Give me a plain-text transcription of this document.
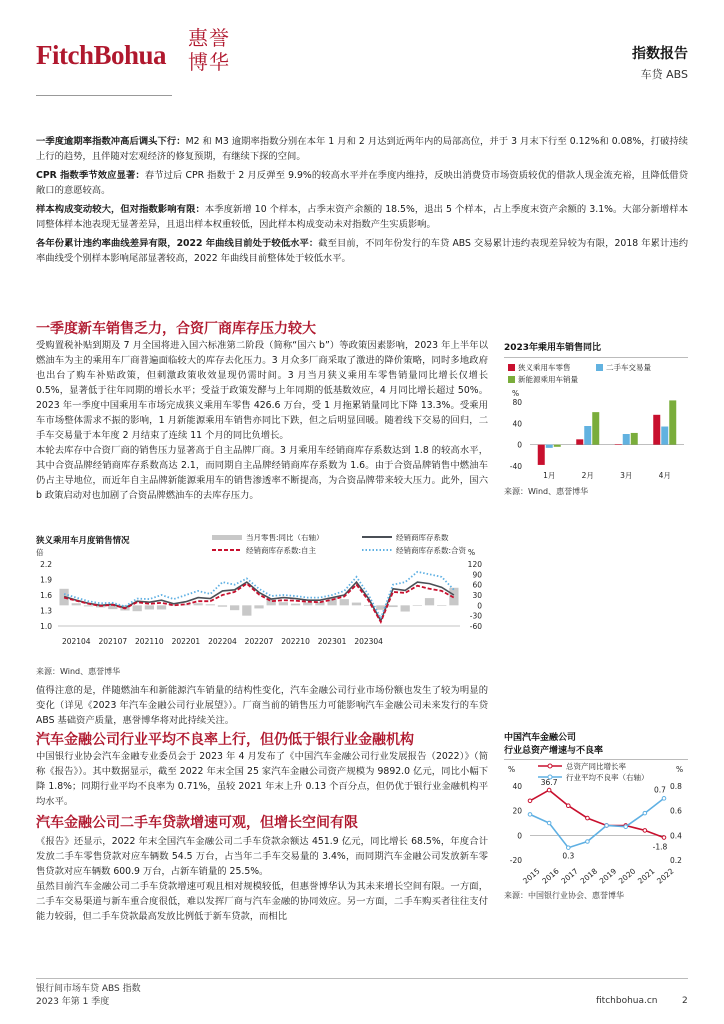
FitchBohua
惠誉博华	指数报告
车贷 ABS

一季度逾期率指数冲高后调头下行：M2 和 M3 逾期率指数分别在本年 1 月和 2 月达到近两年内的局部高位，并于 3 月末下行至 0.12%和 0.08%，打破持续上行的趋势，且伴随对宏观经济的修复预期，有继续下探的空间。

CPR 指数季节效应显著：春节过后 CPR 指数于 2 月反弹至 9.9%的较高水平并在季度内维持，反映出消费贷市场资质较优的借款人现金流充裕，且降低借贷敞口的意愿较高。

样本构成变动较大，但对指数影响有限：本季度新增 10 个样本，占季末资产余额的 18.5%，退出 5 个样本，占上季度末资产余额的 3.1%。大部分新增样本同整体样本池表现无显著差异，且退出样本权重较低，因此样本构成变动未对指数产生实质影响。

各年份累计违约率曲线差异有限，2022 年曲线目前处于较低水平：截至目前，不同年份发行的车贷 ABS 交易累计违约表现差异较为有限，2018 年累计违约率曲线受个别样本影响尾部显著较高，2022 年曲线目前整体处于较低水平。

一季度新车销售乏力，合资厂商库存压力较大

受购置税补贴到期及 7 月全国将进入国六标准第二阶段（简称“国六 b”）等政策因素影响，2023 年上半年以燃油车为主的乘用车厂商普遍面临较大的库存去化压力。3 月众多厂商采取了激进的降价策略，同时多地政府也出台了购车补贴政策，但刺激政策收效显现仍需时间。3 月当月狭义乘用车零售销量同比增长仅增长 0.5%，显著低于往年同期的增长水平；受益于政策发酵与上年同期的低基数效应，4 月同比增长超过 50%。2023 年一季度中国乘用车市场完成狭义乘用车零售 426.6 万台，受 1 月拖累销量同比下降 13.3%。受乘用车市场整体需求不振的影响，1 月新能源乘用车销售亦同比下跌，但之后明显回暖。随着线下交易的回归，二手车交易量于本年度 2 月结束了连续 11 个月的同比负增长。

本轮去库存中合资厂商的销售压力显著高于自主品牌厂商。3 月乘用车经销商库存系数达到 1.8 的较高水平，其中合资品牌经销商库存系数高达 2.1，而同期自主品牌经销商库存系数为 1.6。由于合资品牌销售中燃油车仍占主导地位，而近年自主品牌新能源乘用车的销售渗透率不断提高，为合资品牌带来较大压力。此外，国六 b 政策启动对也加剧了合资品牌燃油车的去库存压力。

2023年乘用车销售同比
狭义乘用车零售	二手车交易量
新能源乘用车销量
%
80
40
0
-40
1月	2月	3月	4月
来源：Wind、惠誉博华
狭义乘用车月度销售情况
倍	%
当月零售:同比（右轴）
经销商库存系数:自主
经销商库存系数
经销商库存系数:合资
2.2
1.9
1.6
1.3
1.0
120
90
60
30
0
-30
-60
202104 202107 202110 202201 202204 202207 202210 202301 202304
来源：Wind、惠誉博华

值得注意的是，伴随燃油车和新能源汽车销量的结构性变化，汽车金融公司行业市场份额也发生了较为明显的变化（详见《2023 年汽车金融公司行业展望》）。厂商当前的销售压力可能影响汽车金融公司未来发行的车贷 ABS 基础资产质量，惠誉博华将对此持续关注。

汽车金融公司行业平均不良率上行，但仍低于银行业金融机构

中国银行业协会汽车金融专业委员会于 2023 年 4 月发布了《中国汽车金融公司行业发展报告（2022）》（简称《报告》）。其中数据显示，截至 2022 年末全国 25 家汽车金融公司资产规模为 9892.0 亿元，同比小幅下降 1.8%；同期行业平均不良率为 0.71%，虽较 2021 年末上升 0.13 个百分点，但仍优于银行业金融机构平均水平。

汽车金融公司二手车贷款增速可观，但增长空间有限

《报告》还显示，2022 年末全国汽车金融公司二手车贷款余额达 451.9 亿元，同比增长 68.5%，年度合计发放二手车零售贷款对应车辆数 54.5 万台，占当年二手车交易量的 3.4%，而同期汽车金融公司发放新车零售贷款对应车辆数 600.9 万台，占新车销量的 25.5%。

虽然目前汽车金融公司二手车贷款增速可观且相对规模较低，但惠誉博华认为其未来增长空间有限。一方面，二手车交易渠道与新车重合度很低，难以发挥厂商与汽车金融的协同效应。另一方面，二手车购买者往往支付能力较弱，但二手车贷款最高发放比例低于新车贷款，而相比

中国汽车金融公司
行业总资产增速与不良率
%	%
总资产同比增长率
行业平均不良率（右轴）
40
20
0
-20
0.8
0.6
0.4
0.2
36.7
0.3
0.7
-1.8
2015
2016
2017
2018
2019
2020
2021
2022
来源：中国银行业协会、惠誉博华
银行间市场车贷 ABS 指数
2023 年第 1 季度	fitchbohua.cn	2
